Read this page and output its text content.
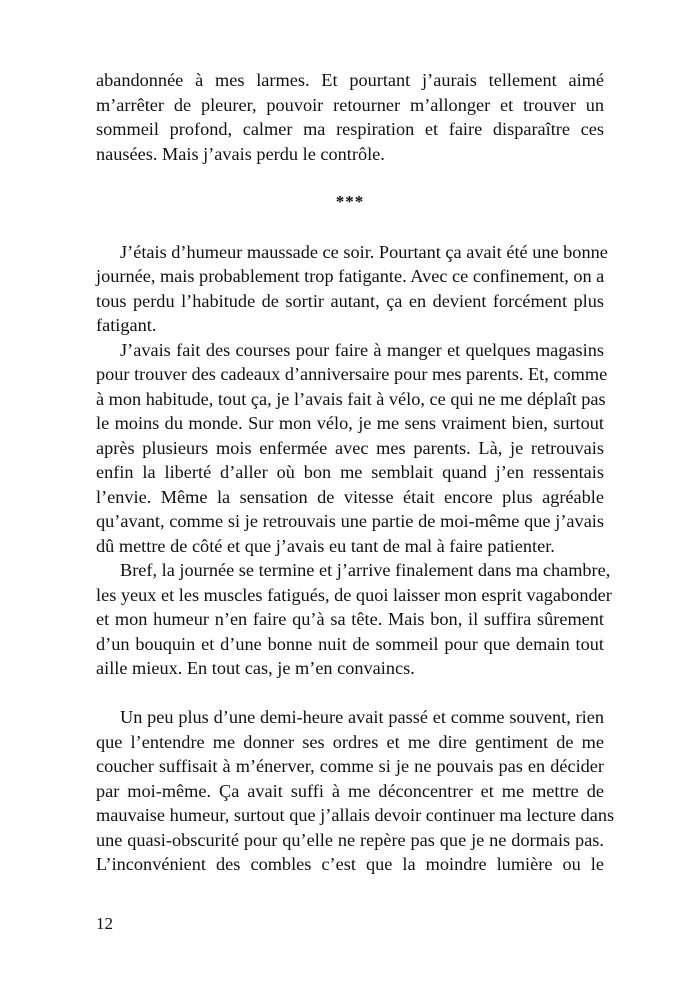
abandonnée à mes larmes. Et pourtant j’aurais tellement aimé
m’arrêter de pleurer, pouvoir retourner m’allonger et trouver un
sommeil profond, calmer ma respiration et faire disparaître ces
nausées. Mais j’avais perdu le contrôle.
***
J’étais d’humeur maussade ce soir. Pourtant ça avait été une bonne
journée, mais probablement trop fatigante. Avec ce confinement, on a
tous perdu l’habitude de sortir autant, ça en devient forcément plus
fatigant.
J’avais fait des courses pour faire à manger et quelques magasins
pour trouver des cadeaux d’anniversaire pour mes parents. Et, comme
à mon habitude, tout ça, je l’avais fait à vélo, ce qui ne me déplaît pas
le moins du monde. Sur mon vélo, je me sens vraiment bien, surtout
après plusieurs mois enfermée avec mes parents. Là, je retrouvais
enfin la liberté d’aller où bon me semblait quand j’en ressentais
l’envie. Même la sensation de vitesse était encore plus agréable
qu’avant, comme si je retrouvais une partie de moi-même que j’avais
dû mettre de côté et que j’avais eu tant de mal à faire patienter.
Bref, la journée se termine et j’arrive finalement dans ma chambre,
les yeux et les muscles fatigués, de quoi laisser mon esprit vagabonder
et mon humeur n’en faire qu’à sa tête. Mais bon, il suffira sûrement
d’un bouquin et d’une bonne nuit de sommeil pour que demain tout
aille mieux. En tout cas, je m’en convaincs.
Un peu plus d’une demi-heure avait passé et comme souvent, rien
que l’entendre me donner ses ordres et me dire gentiment de me
coucher suffisait à m’énerver, comme si je ne pouvais pas en décider
par moi-même. Ça avait suffi à me déconcentrer et me mettre de
mauvaise humeur, surtout que j’allais devoir continuer ma lecture dans
une quasi-obscurité pour qu’elle ne repère pas que je ne dormais pas.
L’inconvénient des combles c’est que la moindre lumière ou le
12
